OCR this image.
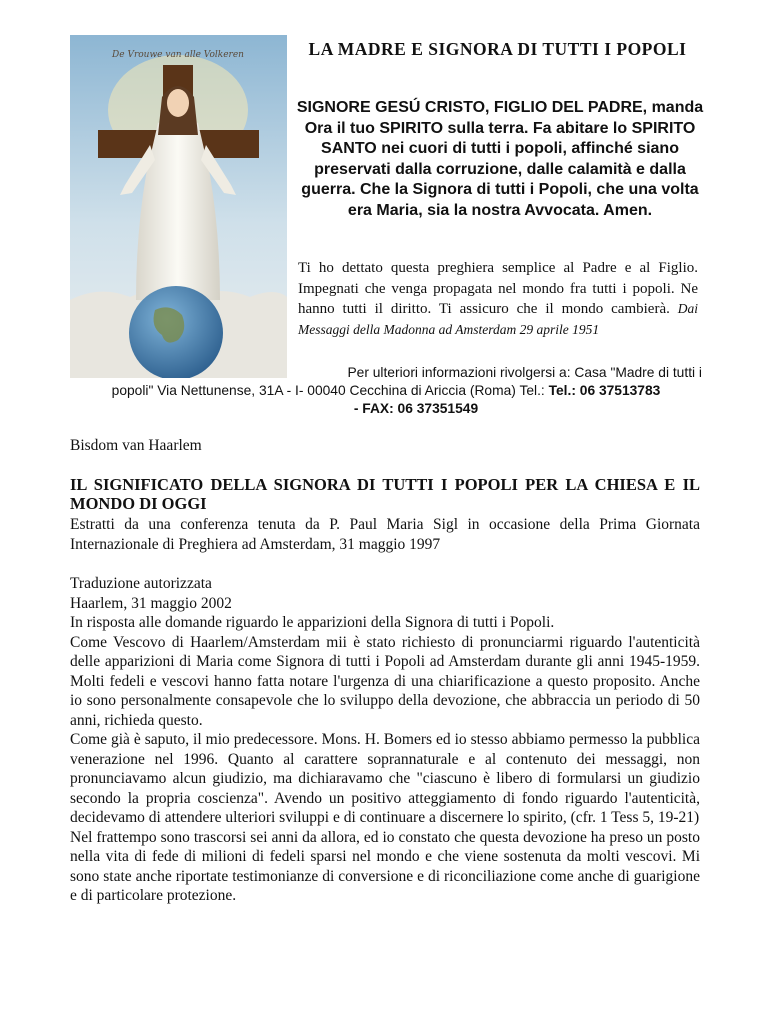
De Vrouwe van alle Volkeren	LA MADRE E SIGNORA DI TUTTI I POPOLI

SIGNORE GESÚ CRISTO, FIGLIO DEL PADRE, manda Ora il tuo SPIRITO sulla terra. Fa abitare lo SPIRITO SANTO nei cuori di tutti i popoli, affinché siano preservati dalla corruzione, dalle calamità e dalla guerra. Che la Signora di tutti i Popoli, che una volta era Maria, sia la nostra Avvocata. Amen.

Ti ho dettato questa preghiera semplice al Padre e al Figlio. Impegnati che venga propagata nel mondo fra tutti i popoli. Ne hanno tutti il diritto. Ti assicuro che il mondo cambierà. Dai Messaggi della Madonna ad Amsterdam 29 aprile 1951

Per ulteriori informazioni rivolgersi a: Casa "Madre di tutti i

popoli" Via Nettunense, 31A - I- 00040 Cecchina di Ariccia (Roma) Tel.: Tel.: 06 37513783
- FAX: 06 37351549

Bisdom van Haarlem

IL SIGNIFICATO DELLA SIGNORA DI TUTTI I POPOLI PER LA CHIESA E IL MONDO DI OGGI

Estratti da una conferenza tenuta da P. Paul Maria Sigl in occasione della Prima Giornata Internazionale di Preghiera ad Amsterdam, 31 maggio 1997

Traduzione autorizzata

Haarlem, 31 maggio 2002

In risposta alle domande riguardo le apparizioni della Signora di tutti i Popoli.

Come Vescovo di Haarlem/Amsterdam mii è stato richiesto di pronunciarmi riguardo l'autenticità delle apparizioni di Maria come Signora di tutti i Popoli ad Amsterdam durante gli anni 1945-1959. Molti fedeli e vescovi hanno fatta notare l'urgenza di una chiarificazione a questo proposito. Anche io sono personalmente consapevole che lo sviluppo della devozione, che abbraccia un periodo di 50 anni, richieda questo.

Come già è saputo, il mio predecessore. Mons. H. Bomers ed io stesso abbiamo permesso la pubblica venerazione nel 1996. Quanto al carattere soprannaturale e al contenuto dei messaggi, non pronunciavamo alcun giudizio, ma dichiaravamo che "ciascuno è libero di formularsi un giudizio secondo la propria coscienza". Avendo un positivo atteggiamento di fondo riguardo l'autenticità, decidevamo di attendere ulteriori sviluppi e di continuare a discernere lo spirito, (cfr. 1 Tess 5, 19-21)

Nel frattempo sono trascorsi sei anni da allora, ed io constato che questa devozione ha preso un posto nella vita di fede di milioni di fedeli sparsi nel mondo e che viene sostenuta da molti vescovi. Mi sono state anche riportate testimonianze di conversione e di riconciliazione come anche di guarigione e di particolare protezione.
